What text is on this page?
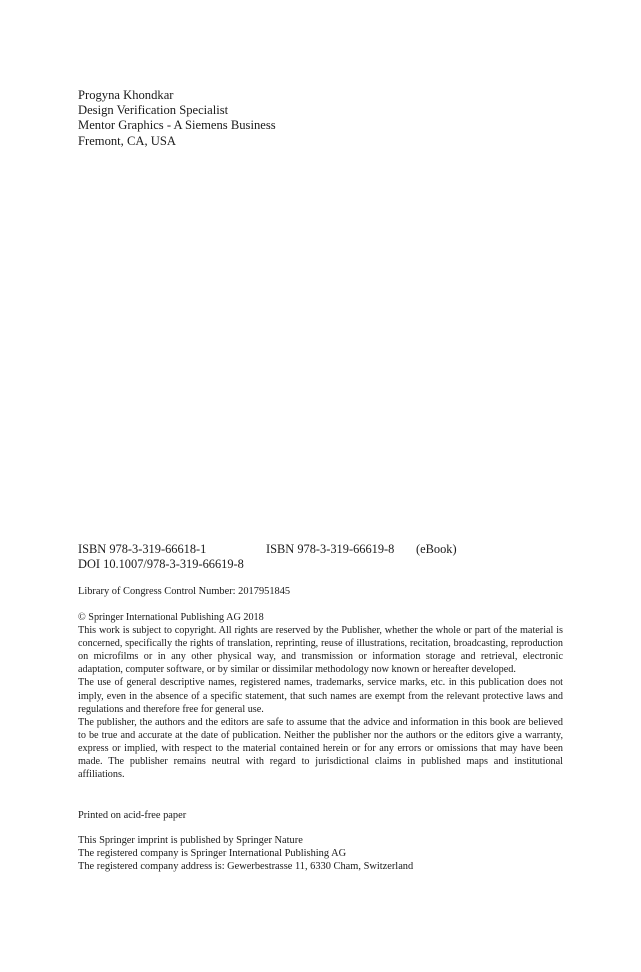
Progyna Khondkar
Design Verification Specialist
Mentor Graphics - A Siemens Business
Fremont, CA, USA
ISBN 978-3-319-66618-1	ISBN 978-3-319-66619-8 (eBook)
DOI 10.1007/978-3-319-66619-8
Library of Congress Control Number: 2017951845

© Springer International Publishing AG 2018

This work is subject to copyright. All rights are reserved by the Publisher, whether the whole or part of the material is concerned, specifically the rights of translation, reprinting, reuse of illustrations, recitation, broadcasting, reproduction on microfilms or in any other physical way, and transmission or information storage and retrieval, electronic adaptation, computer software, or by similar or dissimilar methodology now known or hereafter developed.

The use of general descriptive names, registered names, trademarks, service marks, etc. in this publication does not imply, even in the absence of a specific statement, that such names are exempt from the relevant protective laws and regulations and therefore free for general use.

The publisher, the authors and the editors are safe to assume that the advice and information in this book are believed to be true and accurate at the date of publication. Neither the publisher nor the authors or the editors give a warranty, express or implied, with respect to the material contained herein or for any errors or omissions that may have been made. The publisher remains neutral with regard to jurisdictional claims in published maps and institutional affiliations.

Printed on acid-free paper
This Springer imprint is published by Springer Nature
The registered company is Springer International Publishing AG
The registered company address is: Gewerbestrasse 11, 6330 Cham, Switzerland
